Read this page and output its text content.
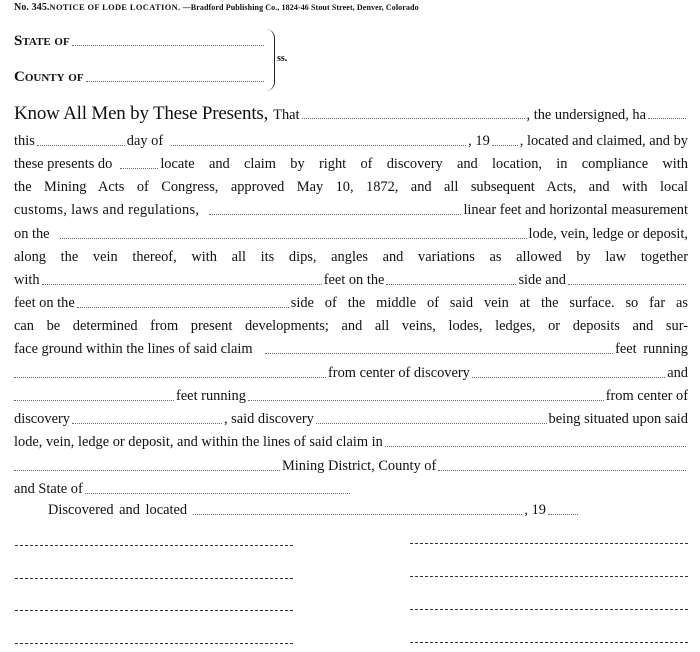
No. 345.NOTICE OF LODE LOCATION. —Bradford Publishing Co., 1824-46 Stout Street, Denver, Colorado
State of
County of
ss.
Know All Men by These Presents, That	, the undersigned, ha
this	day of	, 19 , located and claimed, and by
these presents do	locate and claim by right of discovery and location, in compliance with
the Mining Acts of Congress, approved May 10, 1872, and all subsequent Acts, and with local
customs, laws and regulations,	linear feet and horizontal measurement
on the	lode, vein, ledge or deposit,
along the vein thereof, with all its dips, angles and variations as allowed by law together
with	feet on the	side and
feet on the	side of the middle of said vein at the surface. so far as
can be determined from present developments; and all veins, lodes, ledges, or deposits and sur-
face ground within the lines of said claim	feet running
from center of discovery	and
feet running	from center of
discovery	, said discovery	being situated upon said
lode, vein, ledge or deposit, and within the lines of said claim in
Mining District, County of
and State of
Discovered and located	, 19
